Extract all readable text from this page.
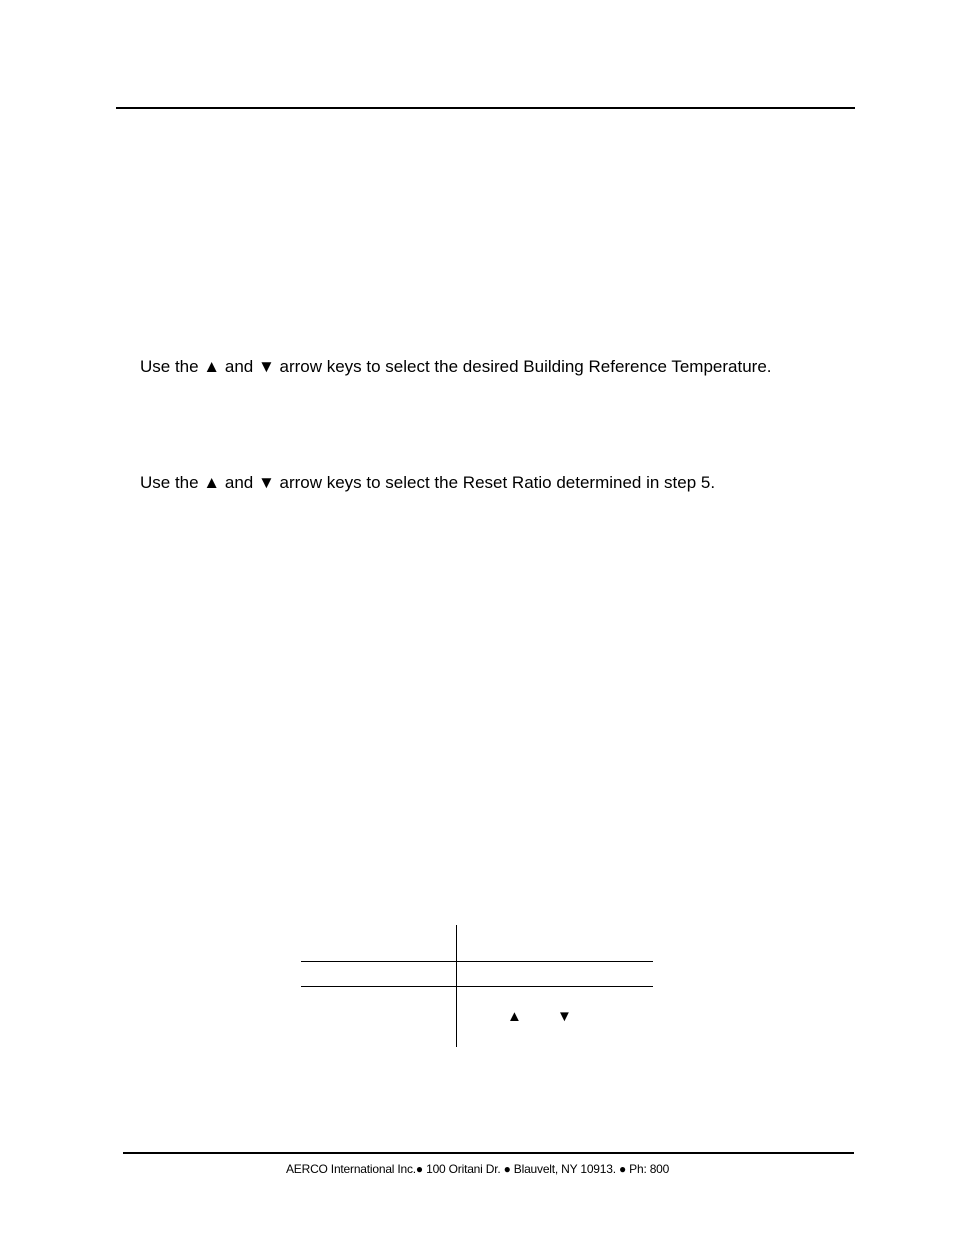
Use the ▲ and ▼ arrow keys to select the desired Building Reference Temperature.
Use the ▲ and ▼ arrow keys to select the Reset Ratio determined in step 5.
▲ ▼
AERCO International Inc.● 100 Oritani Dr. ● Blauvelt, NY 10913. ● Ph: 800
